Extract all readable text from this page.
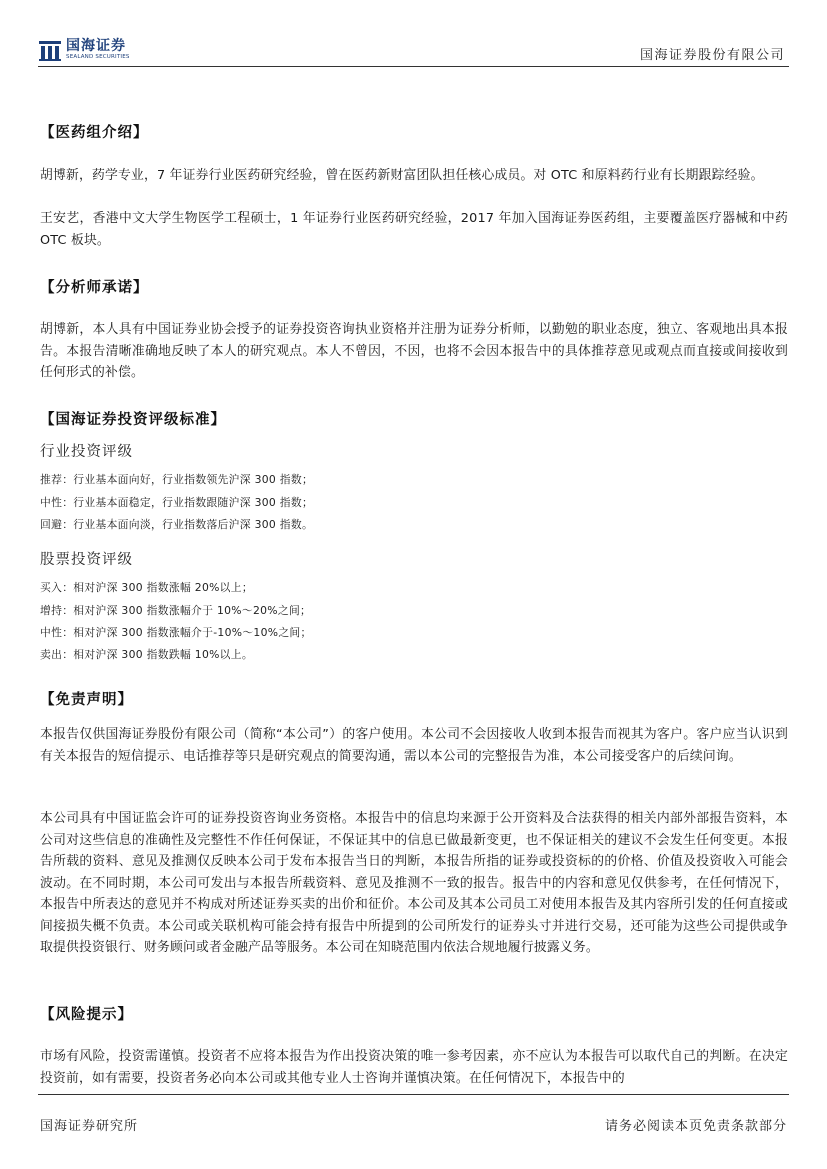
国海证券
SEALAND SECURITIES	国海证券股份有限公司
【医药组介绍】

胡博新，药学专业，7 年证券行业医药研究经验，曾在医药新财富团队担任核心成员。对 OTC 和原料药行业有长期跟踪经验。

王安艺，香港中文大学生物医学工程硕士，1 年证券行业医药研究经验，2017 年加入国海证券医药组，主要覆盖医疗器械和中药 OTC 板块。

【分析师承诺】

胡博新，本人具有中国证券业协会授予的证券投资咨询执业资格并注册为证券分析师，以勤勉的职业态度，独立、客观地出具本报告。本报告清晰准确地反映了本人的研究观点。本人不曾因，不因，也将不会因本报告中的具体推荐意见或观点而直接或间接收到任何形式的补偿。

【国海证券投资评级标准】
行业投资评级
推荐：行业基本面向好，行业指数领先沪深 300 指数；
中性：行业基本面稳定，行业指数跟随沪深 300 指数；
回避：行业基本面向淡，行业指数落后沪深 300 指数。
股票投资评级
买入：相对沪深 300 指数涨幅 20%以上；
增持：相对沪深 300 指数涨幅介于 10%～20%之间；
中性：相对沪深 300 指数涨幅介于-10%～10%之间；
卖出：相对沪深 300 指数跌幅 10%以上。
【免责声明】

本报告仅供国海证券股份有限公司（简称“本公司”）的客户使用。本公司不会因接收人收到本报告而视其为客户。客户应当认识到有关本报告的短信提示、电话推荐等只是研究观点的简要沟通，需以本公司的完整报告为准，本公司接受客户的后续问询。

本公司具有中国证监会许可的证券投资咨询业务资格。本报告中的信息均来源于公开资料及合法获得的相关内部外部报告资料，本公司对这些信息的准确性及完整性不作任何保证，不保证其中的信息已做最新变更，也不保证相关的建议不会发生任何变更。本报告所载的资料、意见及推测仅反映本公司于发布本报告当日的判断，本报告所指的证券或投资标的的价格、价值及投资收入可能会波动。在不同时期，本公司可发出与本报告所载资料、意见及推测不一致的报告。报告中的内容和意见仅供参考，在任何情况下，本报告中所表达的意见并不构成对所述证券买卖的出价和征价。本公司及其本公司员工对使用本报告及其内容所引发的任何直接或间接损失概不负责。本公司或关联机构可能会持有报告中所提到的公司所发行的证券头寸并进行交易，还可能为这些公司提供或争取提供投资银行、财务顾问或者金融产品等服务。本公司在知晓范围内依法合规地履行披露义务。

【风险提示】

市场有风险，投资需谨慎。投资者不应将本报告为作出投资决策的唯一参考因素，亦不应认为本报告可以取代自己的判断。在决定投资前，如有需要，投资者务必向本公司或其他专业人士咨询并谨慎决策。在任何情况下，本报告中的

国海证券研究所	请务必阅读本页免责条款部分
